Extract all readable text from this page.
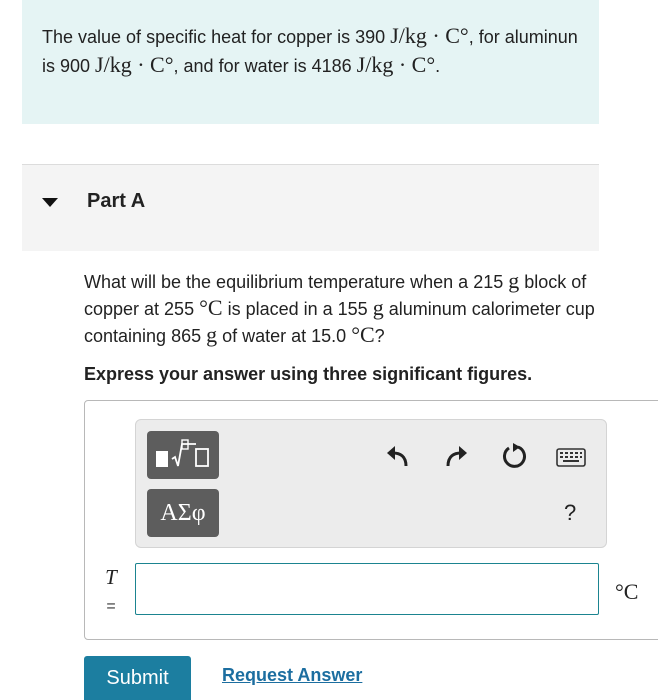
The value of specific heat for copper is 390 J/kg · C°, for aluminun is 900 J/kg · C°, and for water is 4186 J/kg · C°.
Part A
What will be the equilibrium temperature when a 215 g block of copper at 255 °C is placed in a 155 g aluminum calorimeter cup containing 865 g of water at 15.0 °C?
Express your answer using three significant figures.
ΑΣφ	?
T
=
°C
Submit	Request Answer
